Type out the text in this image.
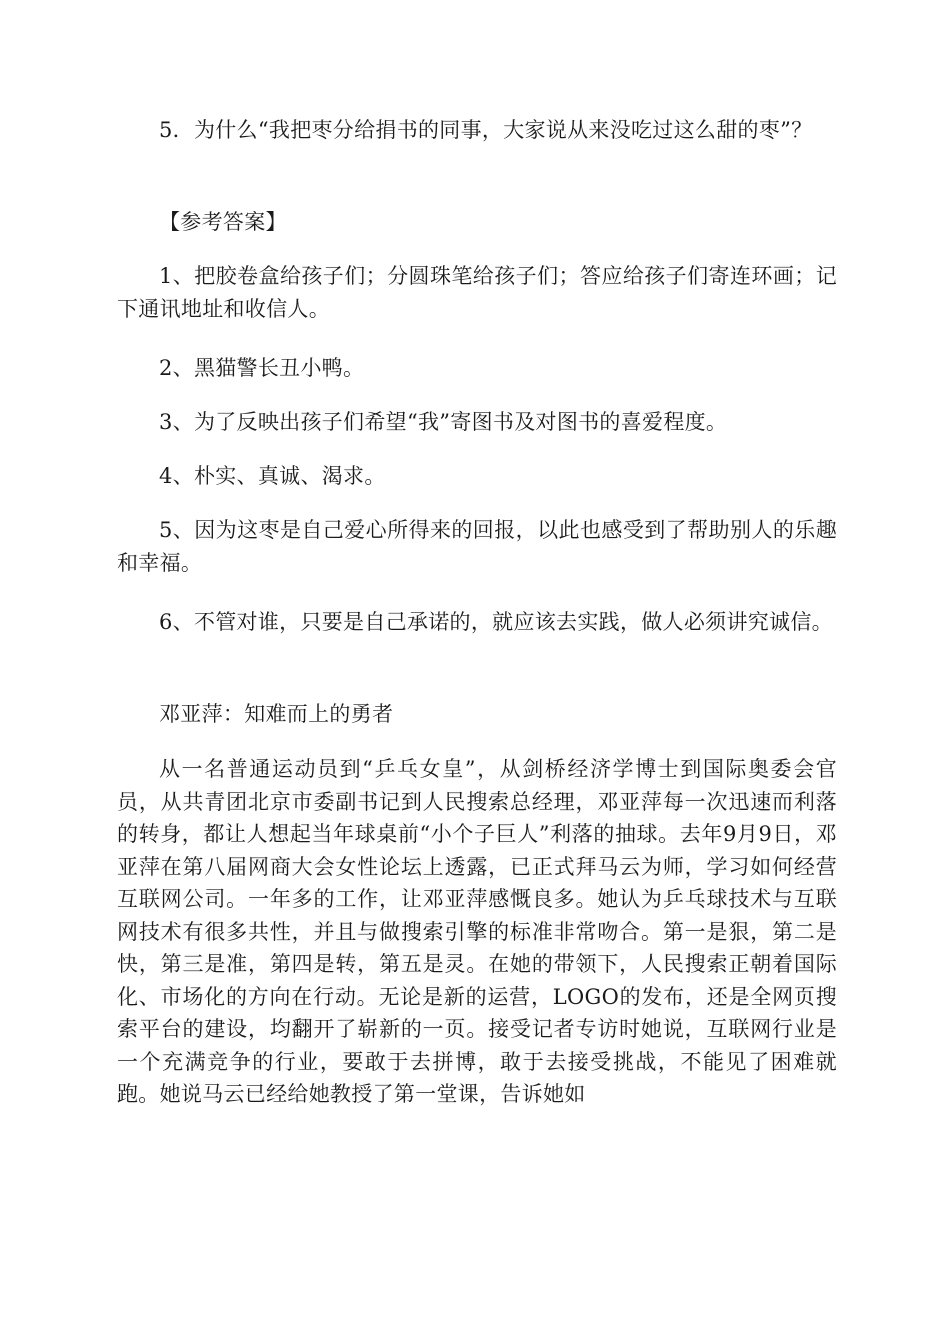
5．为什么“我把枣分给捐书的同事，大家说从来没吃过这么甜的枣”？

【参考答案】

1、把胶卷盒给孩子们；分圆珠笔给孩子们；答应给孩子们寄连环画；记下通讯地址和收信人。

2、黑猫警长丑小鸭。

3、为了反映出孩子们希望“我”寄图书及对图书的喜爱程度。

4、朴实、真诚、渴求。

5、因为这枣是自己爱心所得来的回报，以此也感受到了帮助别人的乐趣和幸福。

6、不管对谁，只要是自己承诺的，就应该去实践，做人必须讲究诚信。

邓亚萍：知难而上的勇者

从一名普通运动员到“乒乓女皇”，从剑桥经济学博士到国际奥委会官员，从共青团北京市委副书记到人民搜索总经理，邓亚萍每一次迅速而利落的转身，都让人想起当年球桌前“小个子巨人”利落的抽球。去年9月9日，邓亚萍在第八届网商大会女性论坛上透露，已正式拜马云为师，学习如何经营互联网公司。一年多的工作，让邓亚萍感慨良多。她认为乒乓球技术与互联网技术有很多共性，并且与做搜索引擎的标准非常吻合。第一是狠，第二是快，第三是准，第四是转，第五是灵。在她的带领下，人民搜索正朝着国际化、市场化的方向在行动。无论是新的运营，LOGO的发布，还是全网页搜索平台的建设，均翻开了崭新的一页。接受记者专访时她说，互联网行业是一个充满竞争的行业，要敢于去拼博，敢于去接受挑战，不能见了困难就跑。她说马云已经给她教授了第一堂课，告诉她如
